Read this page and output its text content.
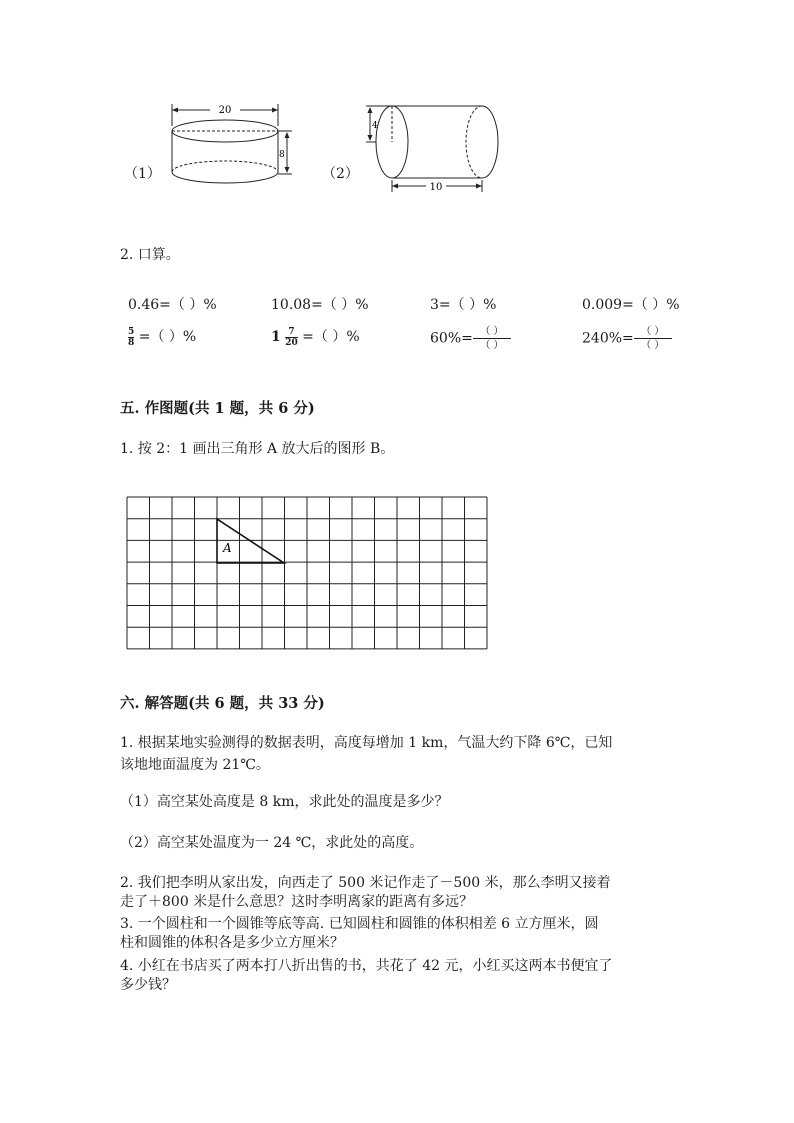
20
8
（1）
4
10
（2）
2. 口算。
0.46=（ ）%	10.08=（ ）%	3=（ ）%	0.009=（ ）%
$\frac{5}{8}$ =（ ）%	$1 \frac{7}{20}$ =（ ）%	$60\%= \frac{( )}{( )}$	$240\%= \frac{( )}{( )}$
五. 作图题(共 1 题，共 6 分)
1. 按 2：1 画出三角形 A 放大后的图形 B。
A
六. 解答题(共 6 题，共 33 分)
1. 根据某地实验测得的数据表明，高度每增加 1 km，气温大约下降 6℃，已知
该地地面温度为 21℃。
（1）高空某处高度是 8 km，求此处的温度是多少？
（2）高空某处温度为一 24 ℃，求此处的高度。
2. 我们把李明从家出发，向西走了 500 米记作走了－500 米，那么李明又接着
走了＋800 米是什么意思？这时李明离家的距离有多远？
3. 一个圆柱和一个圆锥等底等高. 已知圆柱和圆锥的体积相差 6 立方厘米，圆
柱和圆锥的体积各是多少立方厘米？
4. 小红在书店买了两本打八折出售的书，共花了 42 元，小红买这两本书便宜了
多少钱？
